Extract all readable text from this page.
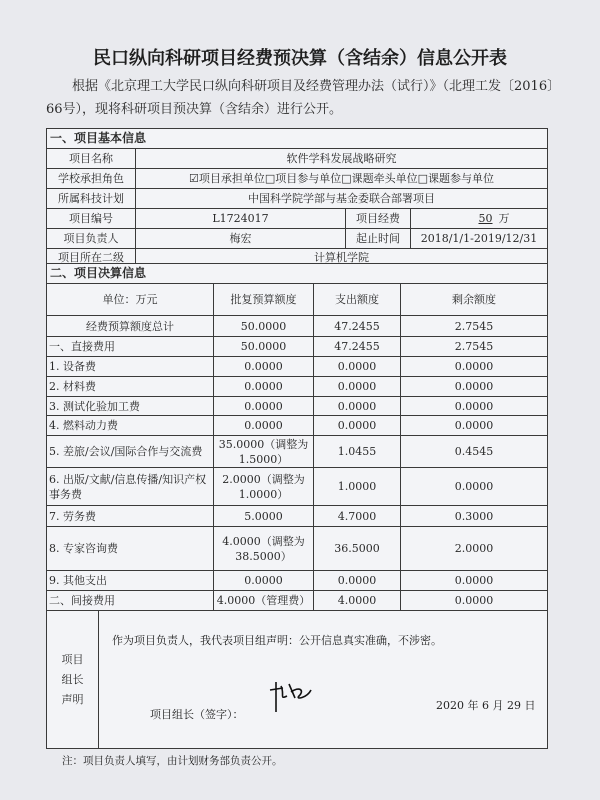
民口纵向科研项目经费预决算（含结余）信息公开表
根据《北京理工大学民口纵向科研项目及经费管理办法（试行）》（北理工发〔2016〕66号），现将科研项目预决算（含结余）进行公开。
一、项目基本信息			
项目名称	软件学科发展战略研究		
学校承担角色	☑项目承担单位□项目参与单位□课题牵头单位□课题参与单位		
所属科技计划	中国科学院学部与基金委联合部署项目		
项目编号	L1724017	项目经费	50 万
项目负责人	梅宏	起止时间	2018/1/1-2019/12/31
项目所在二级	计算机学院		
二、项目决算信息			
单位：万元	批复预算额度	支出额度	剩余额度
经费预算额度总计	50.0000	47.2455	2.7545
一、直接费用	50.0000	47.2455	2.7545
1. 设备费	0.0000	0.0000	0.0000
2. 材料费	0.0000	0.0000	0.0000
3. 测试化验加工费	0.0000	0.0000	0.0000
4. 燃料动力费	0.0000	0.0000	0.0000
5. 差旅/会议/国际合作与交流费	35.0000（调整为1.5000）	1.0455	0.4545
6. 出版/文献/信息传播/知识产权事务费	2.0000（调整为1.0000）	1.0000	0.0000
7. 劳务费	5.0000	4.7000	0.3000
8. 专家咨询费	4.0000（调整为38.5000）	36.5000	2.0000
9. 其他支出	0.0000	0.0000	0.0000
二、间接费用	4.0000（管理费）	4.0000	0.0000
项目组长声明

作为项目负责人，我代表项目组声明：公开信息真实准确，不涉密。
项目组长（签字）：
2020 年 6 月 29 日
注：项目负责人填写，由计划财务部负责公开。
